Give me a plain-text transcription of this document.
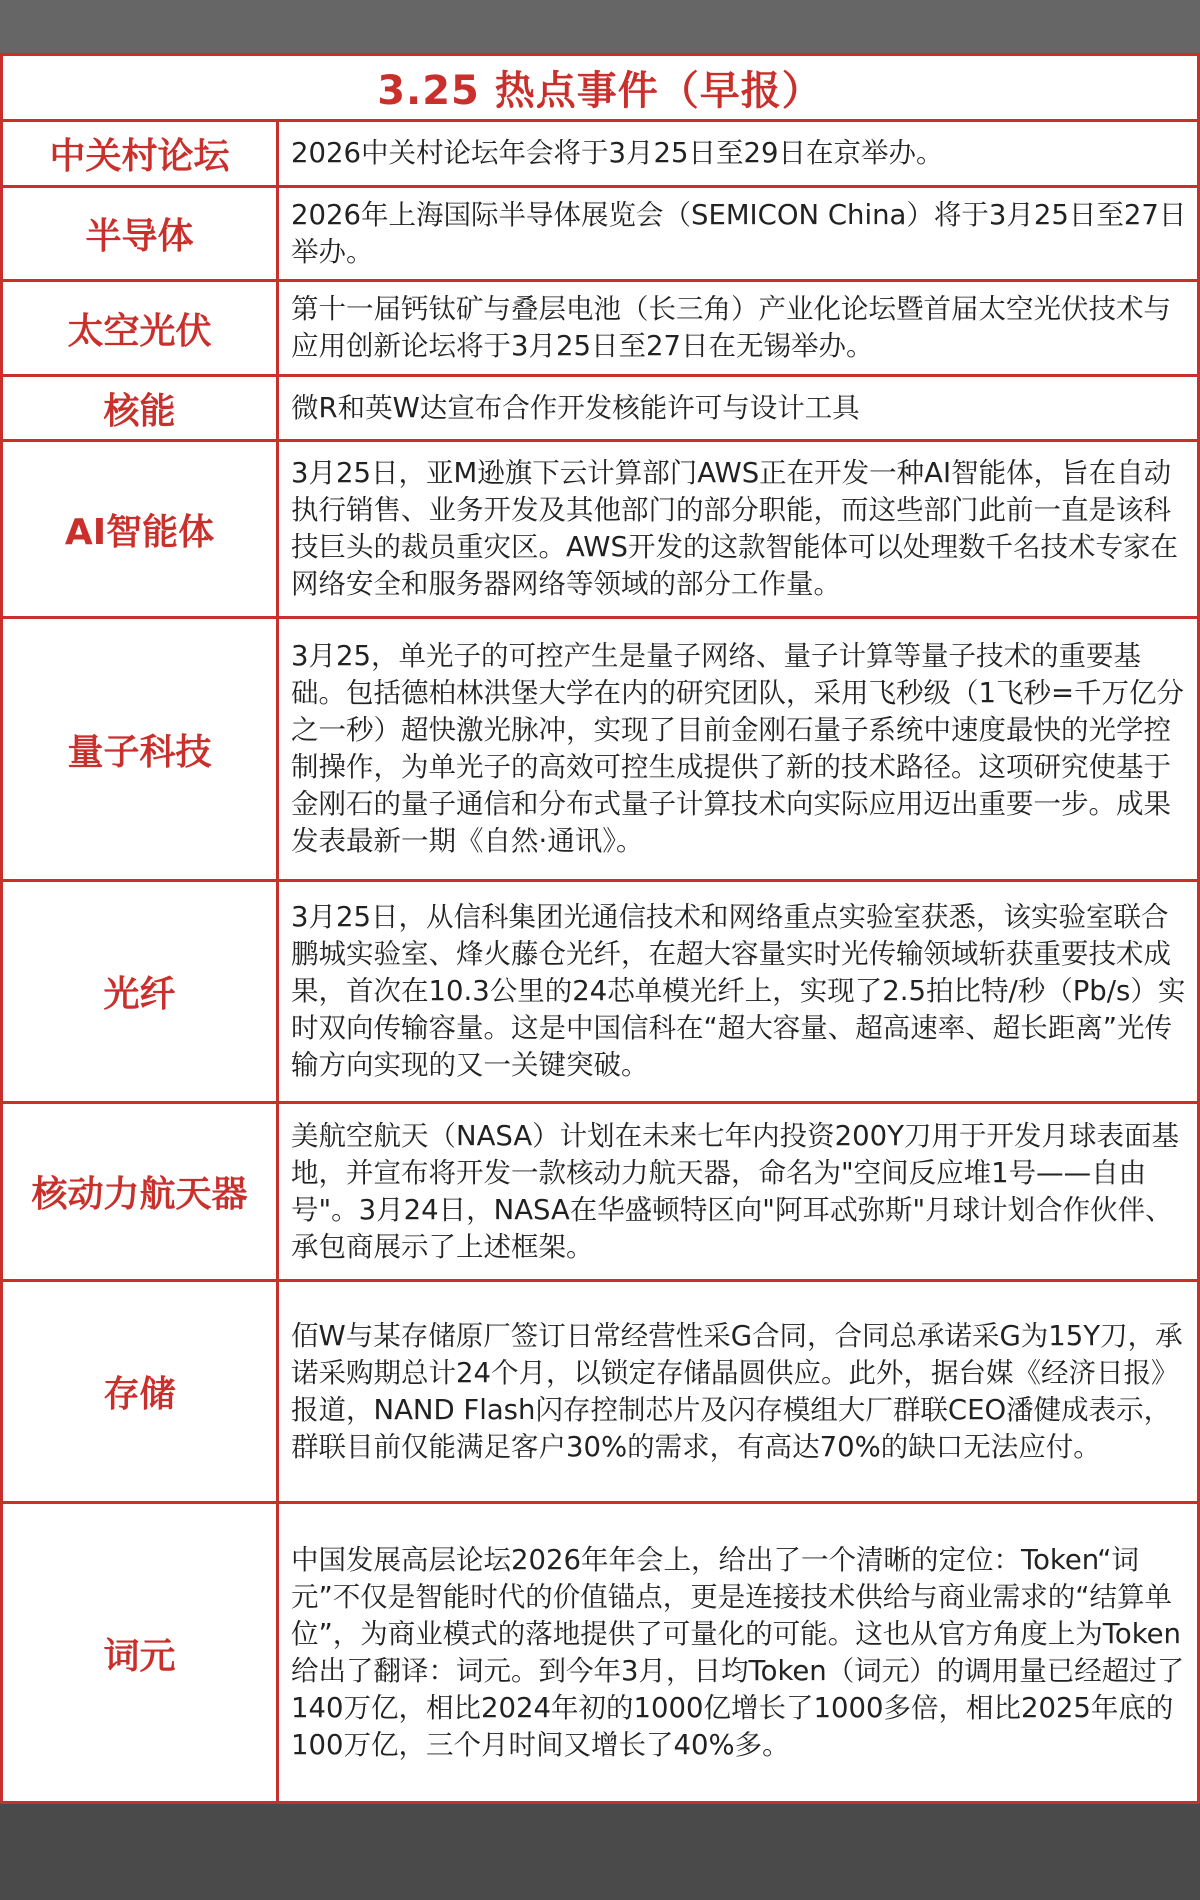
3.25 热点事件（早报）
中关村论坛	2026中关村论坛年会将于3月25日至29日在京举办。
半导体
2026年上海国际半导体展览会（SEMICON China）将于3月25日至27日举办。
太空光伏
第十一届钙钛矿与叠层电池（长三角）产业化论坛暨首届太空光伏技术与应用创新论坛将于3月25日至27日在无锡举办。
核能	微R和英W达宣布合作开发核能许可与设计工具
AI智能体
3月25日，亚M逊旗下云计算部门AWS正在开发一种AI智能体，旨在自动执行销售、业务开发及其他部门的部分职能，而这些部门此前一直是该科技巨头的裁员重灾区。AWS开发的这款智能体可以处理数千名技术专家在网络安全和服务器网络等领域的部分工作量。
量子科技
3月25，单光子的可控产生是量子网络、量子计算等量子技术的重要基础。包括德柏林洪堡大学在内的研究团队，采用飞秒级（1飞秒=千万亿分之一秒）超快激光脉冲，实现了目前金刚石量子系统中速度最快的光学控制操作，为单光子的高效可控生成提供了新的技术路径。这项研究使基于金刚石的量子通信和分布式量子计算技术向实际应用迈出重要一步。成果发表最新一期《自然·通讯》。
光纤
3月25日，从信科集团光通信技术和网络重点实验室获悉，该实验室联合鹏城实验室、烽火藤仓光纤，在超大容量实时光传输领域斩获重要技术成果，首次在10.3公里的24芯单模光纤上，实现了2.5拍比特/秒（Pb/s）实时双向传输容量。这是中国信科在“超大容量、超高速率、超长距离”光传输方向实现的又一关键突破。
核动力航天器
美航空航天（NASA）计划在未来七年内投资200Y刀用于开发月球表面基地，并宣布将开发一款核动力航天器，命名为"空间反应堆1号——自由号"。3月24日，NASA在华盛顿特区向"阿耳忒弥斯"月球计划合作伙伴、承包商展示了上述框架。
存储
佰W与某存储原厂签订日常经营性采G合同，合同总承诺采G为15Y刀，承诺采购期总计24个月，以锁定存储晶圆供应。此外，据台媒《经济日报》报道，NAND Flash闪存控制芯片及闪存模组大厂群联CEO潘健成表示，群联目前仅能满足客户30%的需求，有高达70%的缺口无法应付。
词元
中国发展高层论坛2026年年会上，给出了一个清晰的定位：Token“词元”不仅是智能时代的价值锚点，更是连接技术供给与商业需求的“结算单位”，为商业模式的落地提供了可量化的可能。这也从官方角度上为Token给出了翻译：词元。到今年3月，日均Token（词元）的调用量已经超过了140万亿，相比2024年初的1000亿增长了1000多倍，相比2025年底的100万亿，三个月时间又增长了40%多。
